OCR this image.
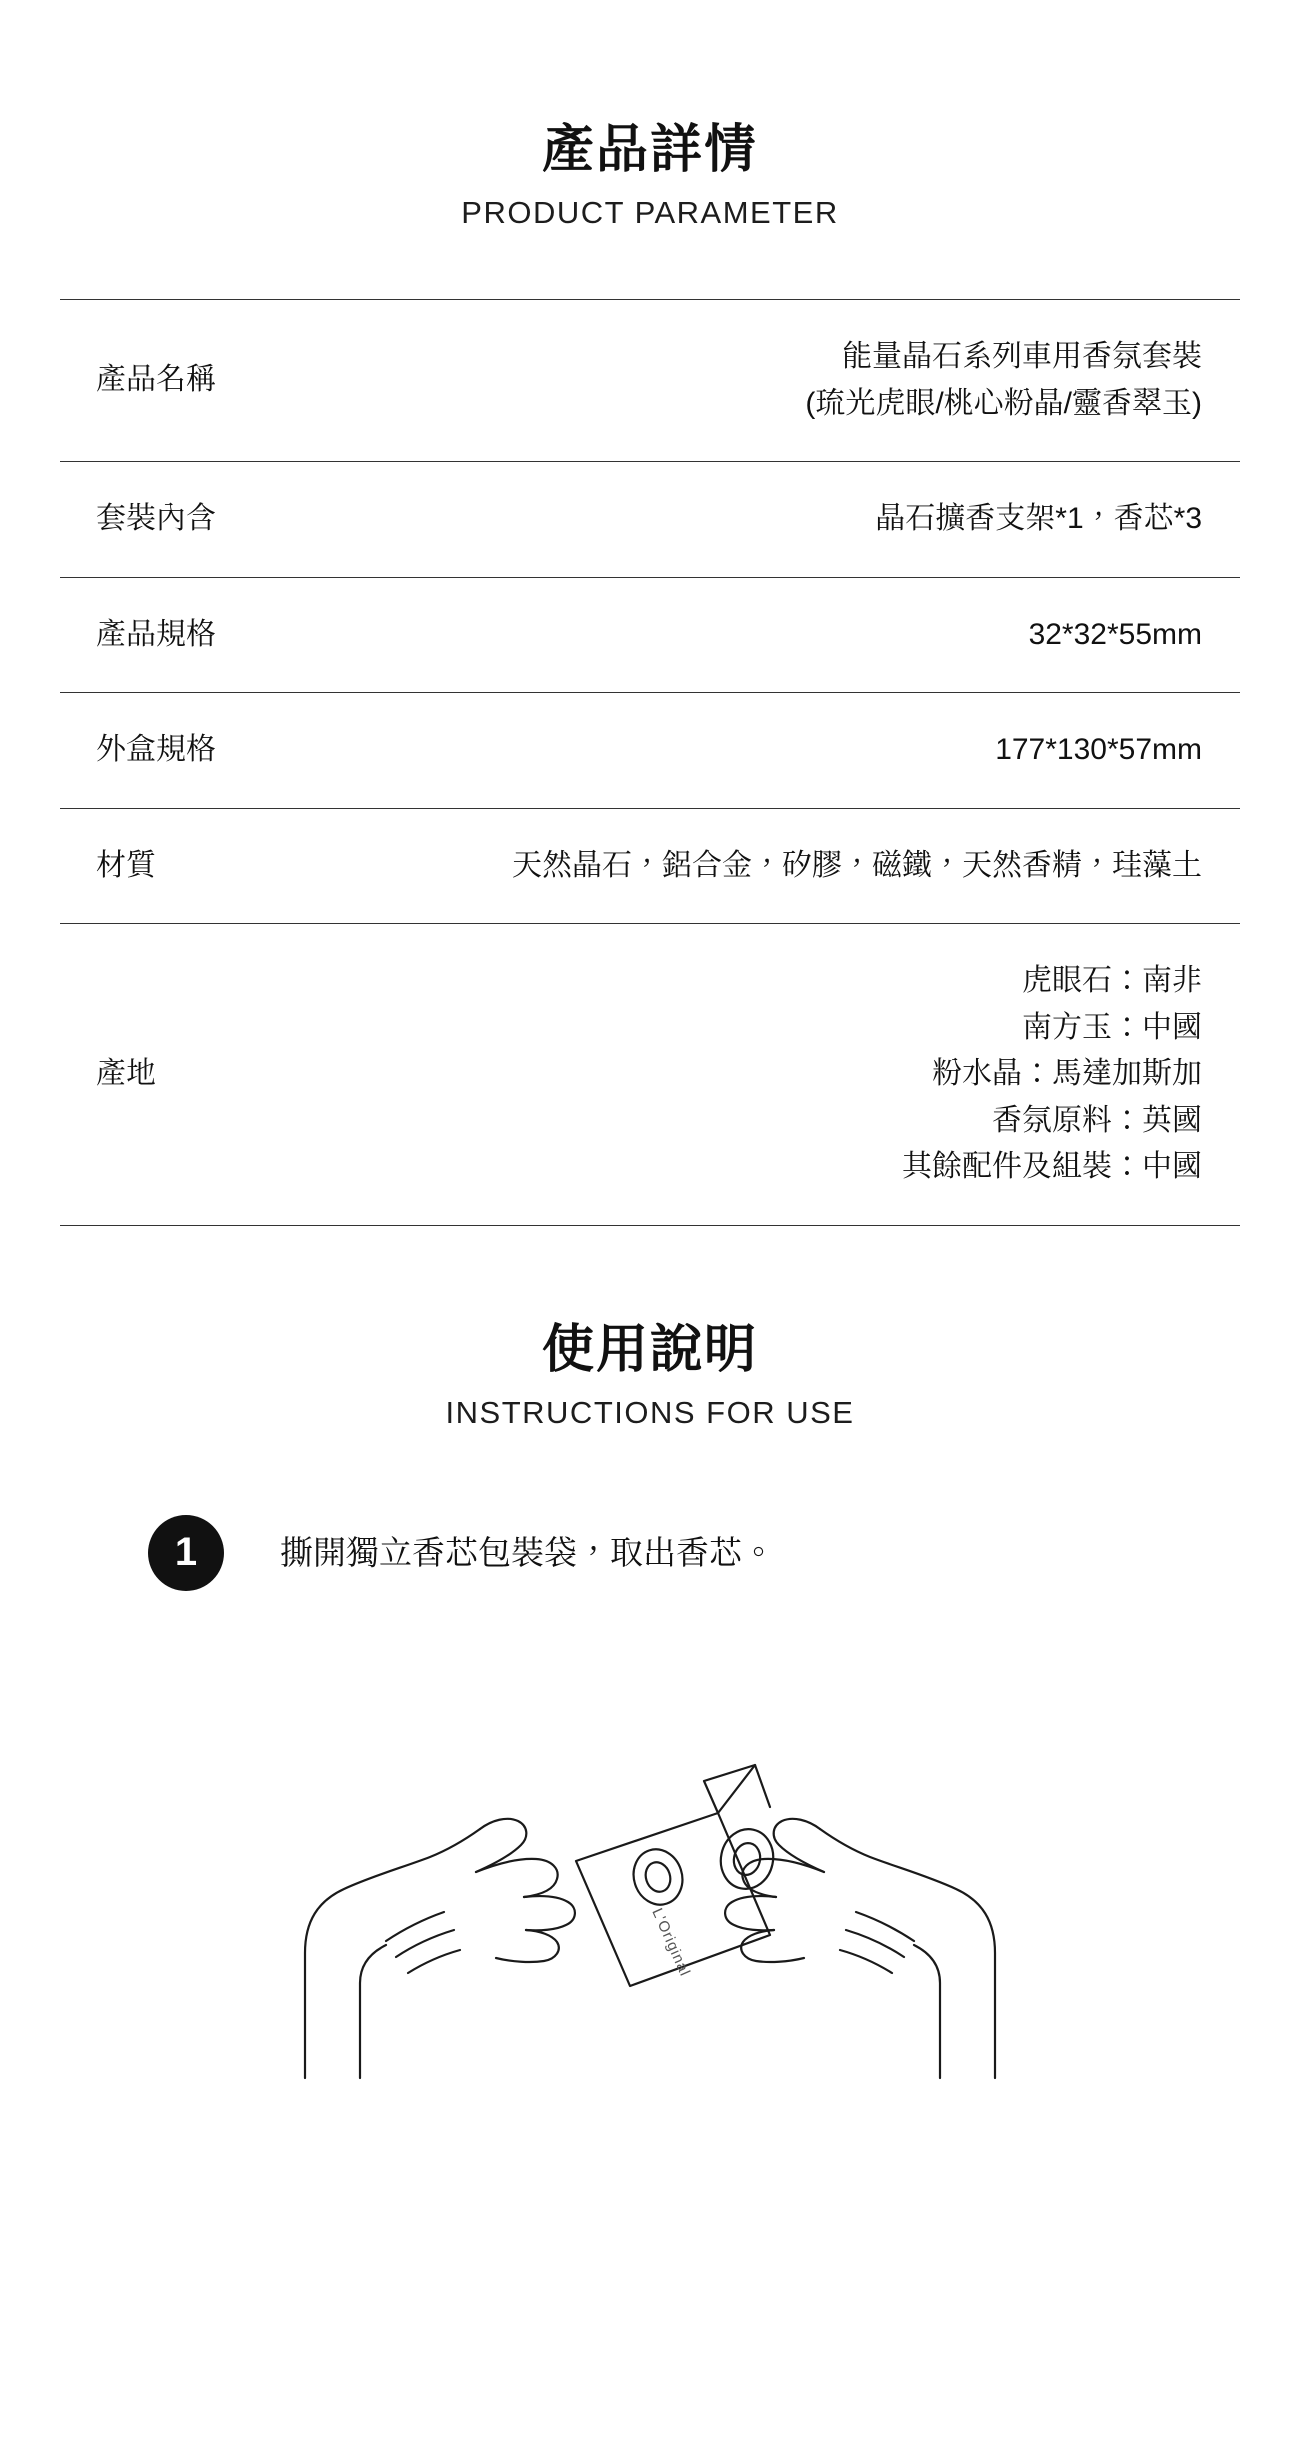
產品詳情
PRODUCT PARAMETER
產品名稱	能量晶石系列車用香氛套裝
(琉光虎眼/桃心粉晶/靈香翠玉)

套裝內含	晶石擴香支架*1，香芯*3

產品規格	32*32*55mm

外盒規格	177*130*57mm

材質	天然晶石，鋁合金，矽膠，磁鐵，天然香精，珪藻土

產地	虎眼石：南非
南方玉：中國
粉水晶：馬達加斯加
香氛原料：英國
其餘配件及組裝：中國
使用說明
INSTRUCTIONS FOR USE
1	撕開獨立香芯包裝袋，取出香芯。
L'Original
